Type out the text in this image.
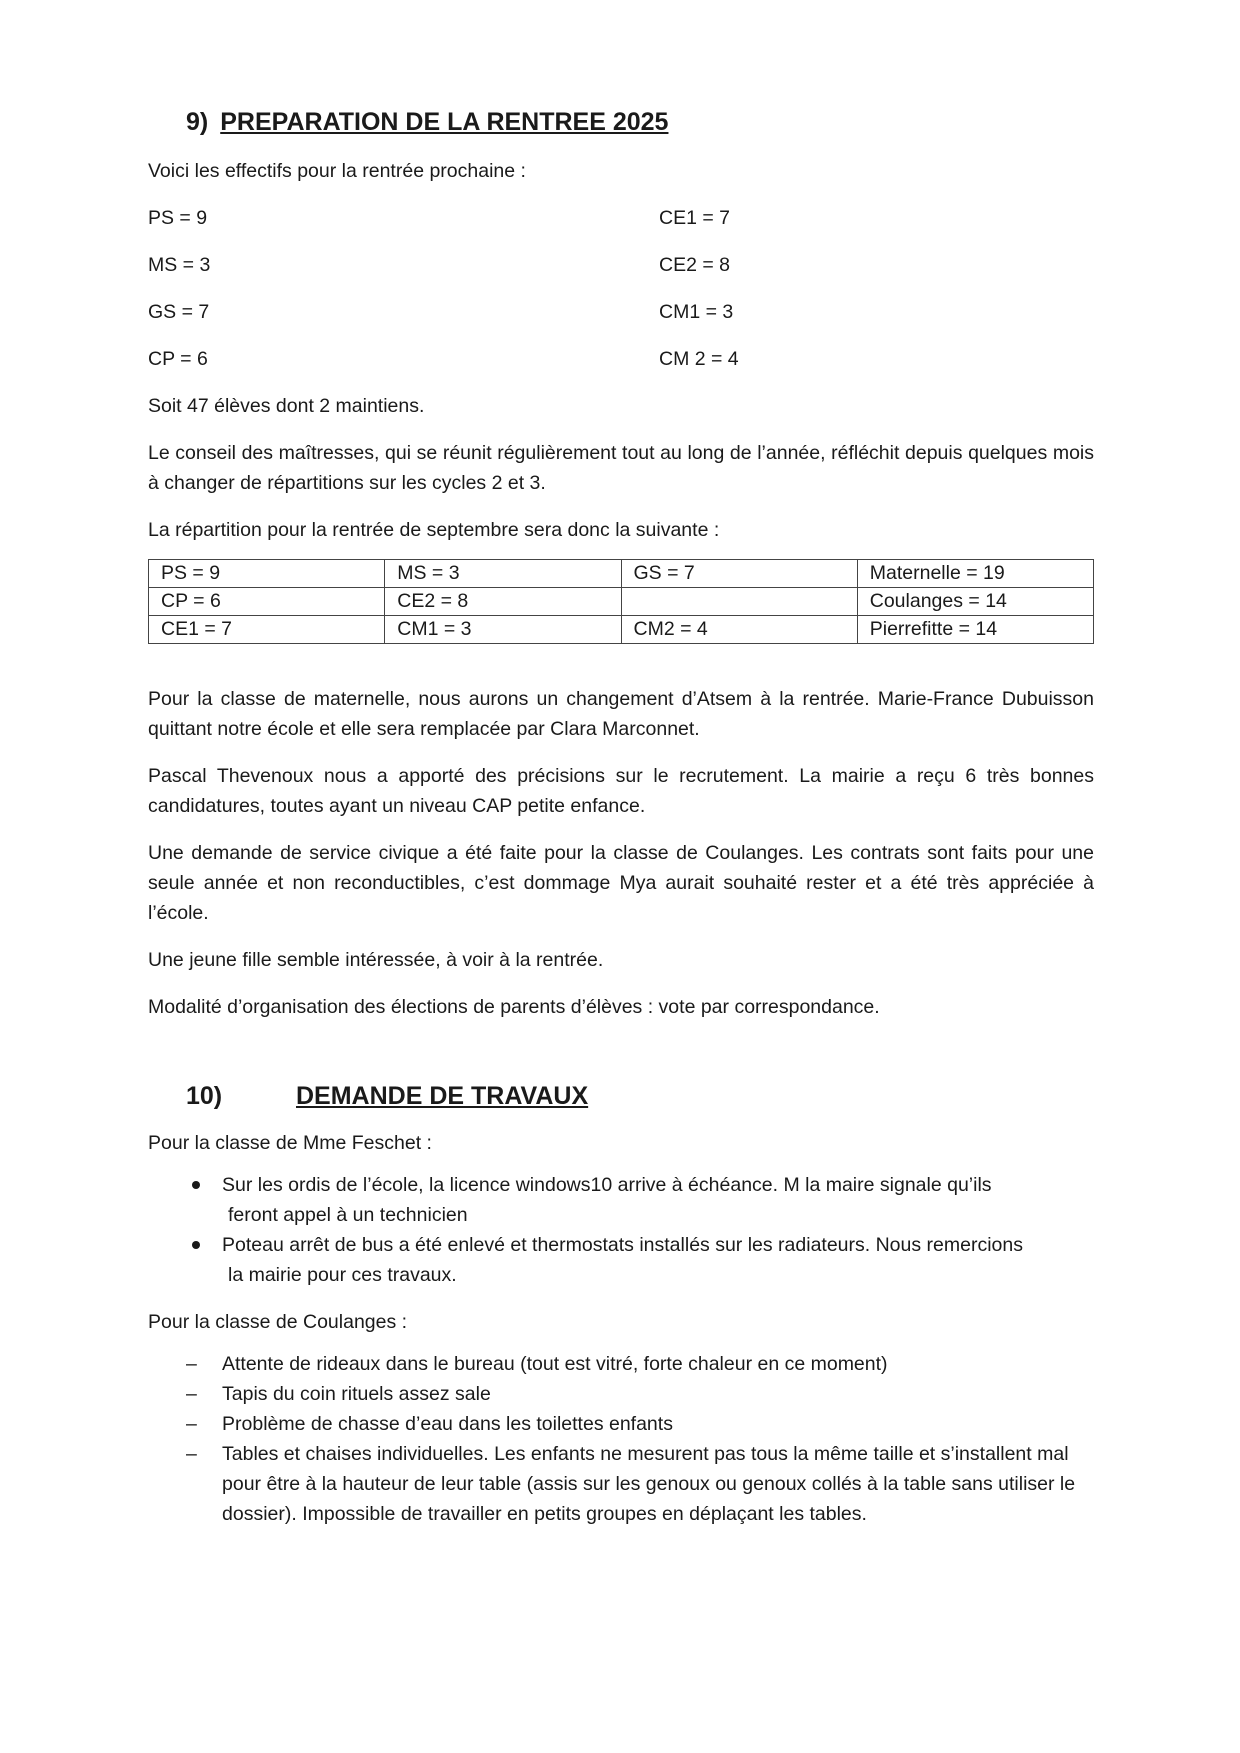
9) PREPARATION DE LA RENTREE 2025

Voici les effectifs pour la rentrée prochaine :

PS = 9	CE1 = 7
MS = 3	CE2 = 8
GS = 7	CM1 = 3
CP = 6	CM 2 = 4

Soit 47 élèves dont 2 maintiens.

Le conseil des maîtresses, qui se réunit régulièrement tout au long de l’année, réfléchit depuis quelques mois à changer de répartitions sur les cycles 2 et 3.

La répartition pour la rentrée de septembre sera donc la suivante :

PS = 9	MS = 3	GS = 7	Maternelle = 19
CP = 6	CE2 = 8		Coulanges = 14
CE1 = 7	CM1 = 3	CM2 = 4	Pierrefitte = 14

Pour la classe de maternelle, nous aurons un changement d’Atsem à la rentrée. Marie-France Dubuisson quittant notre école et elle sera remplacée par Clara Marconnet.

Pascal Thevenoux nous a apporté des précisions sur le recrutement. La mairie a reçu 6 très bonnes candidatures, toutes ayant un niveau CAP petite enfance.

Une demande de service civique a été faite pour la classe de Coulanges. Les contrats sont faits pour une seule année et non reconductibles, c’est dommage Mya aurait souhaité rester et a été très appréciée à l’école.

Une jeune fille semble intéressée, à voir à la rentrée.

Modalité d’organisation des élections de parents d’élèves : vote par correspondance.

10)	DEMANDE DE TRAVAUX

Pour la classe de Mme Feschet :

Sur les ordis de l’école, la licence windows10 arrive à échéance. M la maire signale qu’ils
feront appel à un technicien
Poteau arrêt de bus a été enlevé et thermostats installés sur les radiateurs. Nous remercions
la mairie pour ces travaux.

Pour la classe de Coulanges :

– Attente de rideaux dans le bureau (tout est vitré, forte chaleur en ce moment)
– Tapis du coin rituels assez sale
– Problème de chasse d’eau dans les toilettes enfants
– Tables et chaises individuelles. Les enfants ne mesurent pas tous la même taille et s’installent mal pour être à la hauteur de leur table (assis sur les genoux ou genoux collés à la table sans utiliser le dossier). Impossible de travailler en petits groupes en déplaçant les tables.
